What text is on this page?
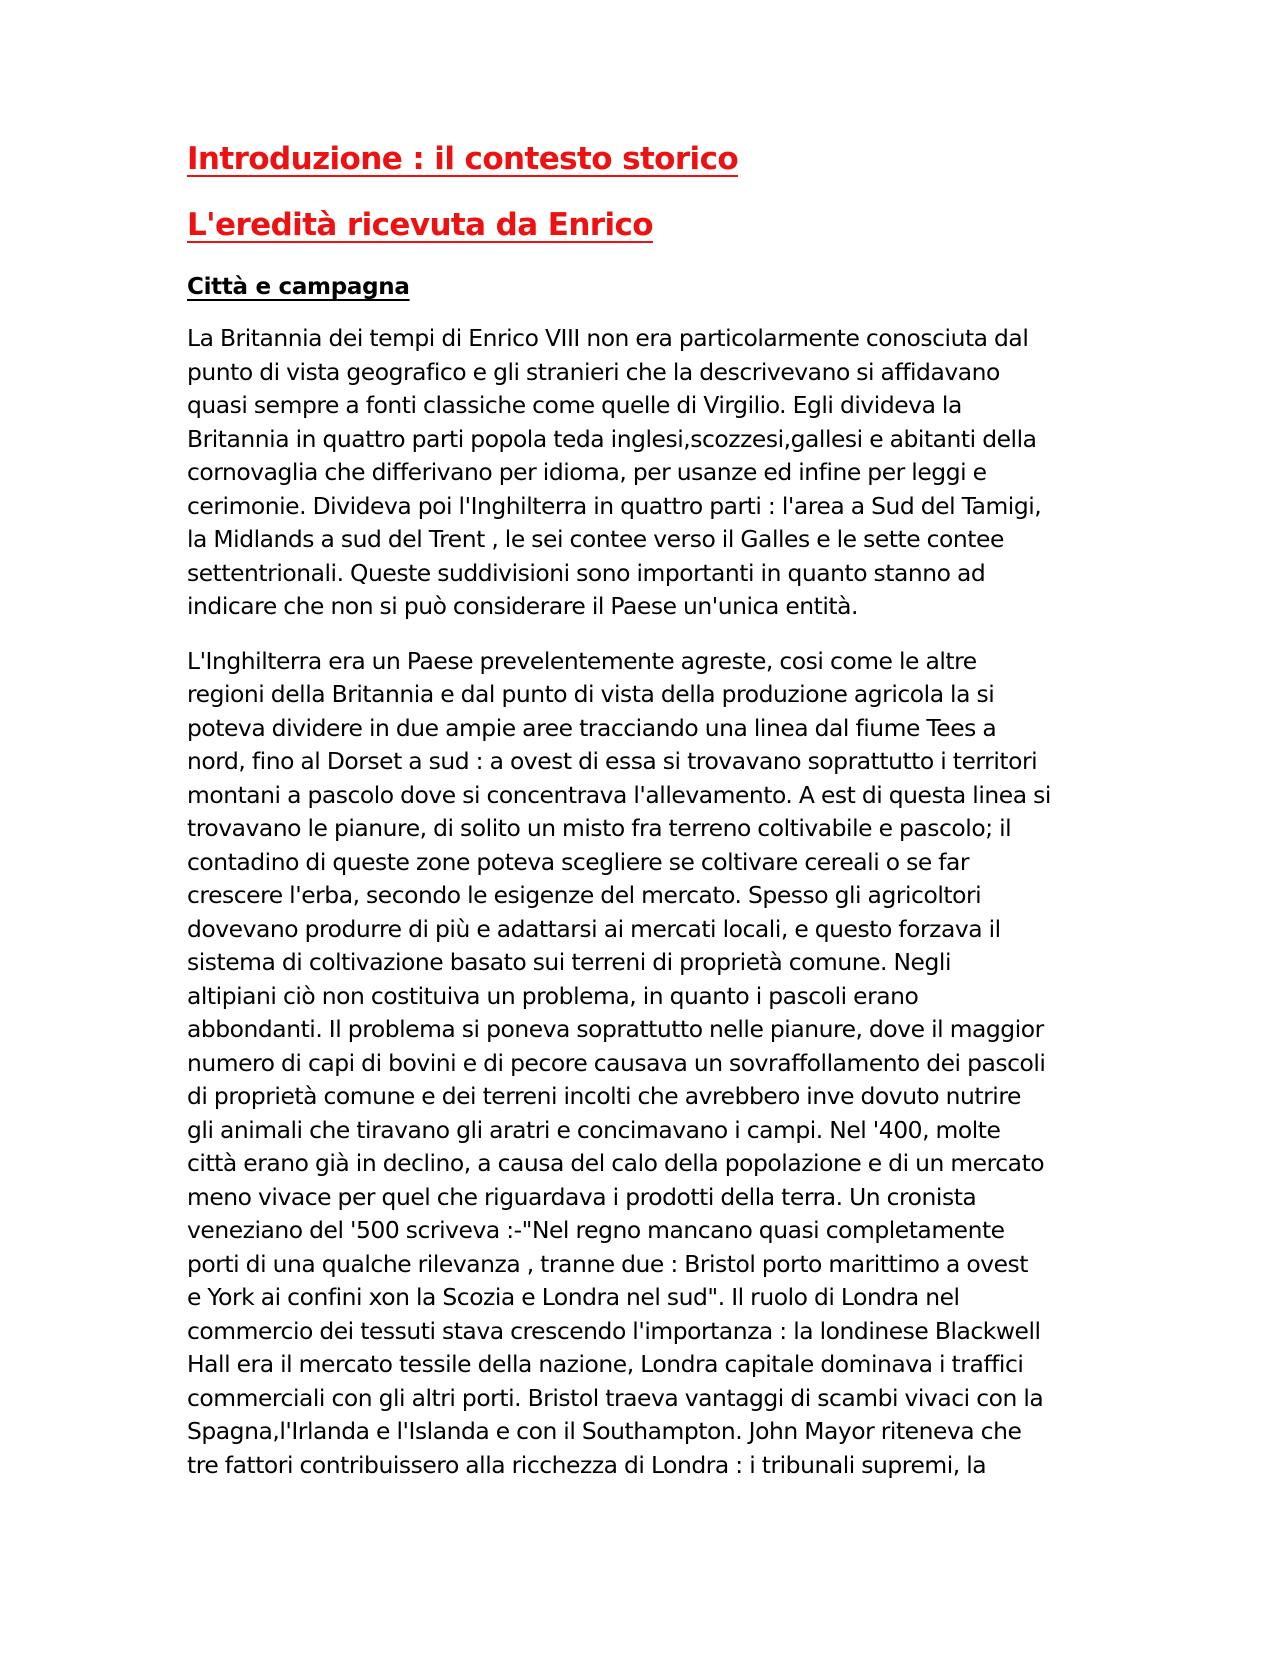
Introduzione : il contesto storico
L'eredità ricevuta da Enrico
Città e campagna
La Britannia dei tempi di Enrico VIII non era particolarmente conosciuta dal
punto di vista geografico e gli stranieri che la descrivevano si affidavano
quasi sempre a fonti classiche come quelle di Virgilio. Egli divideva la
Britannia in quattro parti popola teda inglesi,scozzesi,gallesi e abitanti della
cornovaglia che differivano per idioma, per usanze ed infine per leggi e
cerimonie. Divideva poi l'Inghilterra in quattro parti : l'area a Sud del Tamigi,
la Midlands a sud del Trent , le sei contee verso il Galles e le sette contee
settentrionali. Queste suddivisioni sono importanti in quanto stanno ad
indicare che non si può considerare il Paese un'unica entità.
L'Inghilterra era un Paese prevelentemente agreste, cosi come le altre
regioni della Britannia e dal punto di vista della produzione agricola la si
poteva dividere in due ampie aree tracciando una linea dal fiume Tees a
nord, fino al Dorset a sud : a ovest di essa si trovavano soprattutto i territori
montani a pascolo dove si concentrava l'allevamento. A est di questa linea si
trovavano le pianure, di solito un misto fra terreno coltivabile e pascolo; il
contadino di queste zone poteva scegliere se coltivare cereali o se far
crescere l'erba, secondo le esigenze del mercato. Spesso gli agricoltori
dovevano produrre di più e adattarsi ai mercati locali, e questo forzava il
sistema di coltivazione basato sui terreni di proprietà comune. Negli
altipiani ciò non costituiva un problema, in quanto i pascoli erano
abbondanti. Il problema si poneva soprattutto nelle pianure, dove il maggior
numero di capi di bovini e di pecore causava un sovraffollamento dei pascoli
di proprietà comune e dei terreni incolti che avrebbero inve dovuto nutrire
gli animali che tiravano gli aratri e concimavano i campi. Nel '400, molte
città erano già in declino, a causa del calo della popolazione e di un mercato
meno vivace per quel che riguardava i prodotti della terra. Un cronista
veneziano del '500 scriveva :-"Nel regno mancano quasi completamente
porti di una qualche rilevanza , tranne due : Bristol porto marittimo a ovest
e York ai confini xon la Scozia e Londra nel sud". Il ruolo di Londra nel
commercio dei tessuti stava crescendo l'importanza : la londinese Blackwell
Hall era il mercato tessile della nazione, Londra capitale dominava i traffici
commerciali con gli altri porti. Bristol traeva vantaggi di scambi vivaci con la
Spagna,l'Irlanda e l'Islanda e con il Southampton. John Mayor riteneva che
tre fattori contribuissero alla ricchezza di Londra : i tribunali supremi, la
